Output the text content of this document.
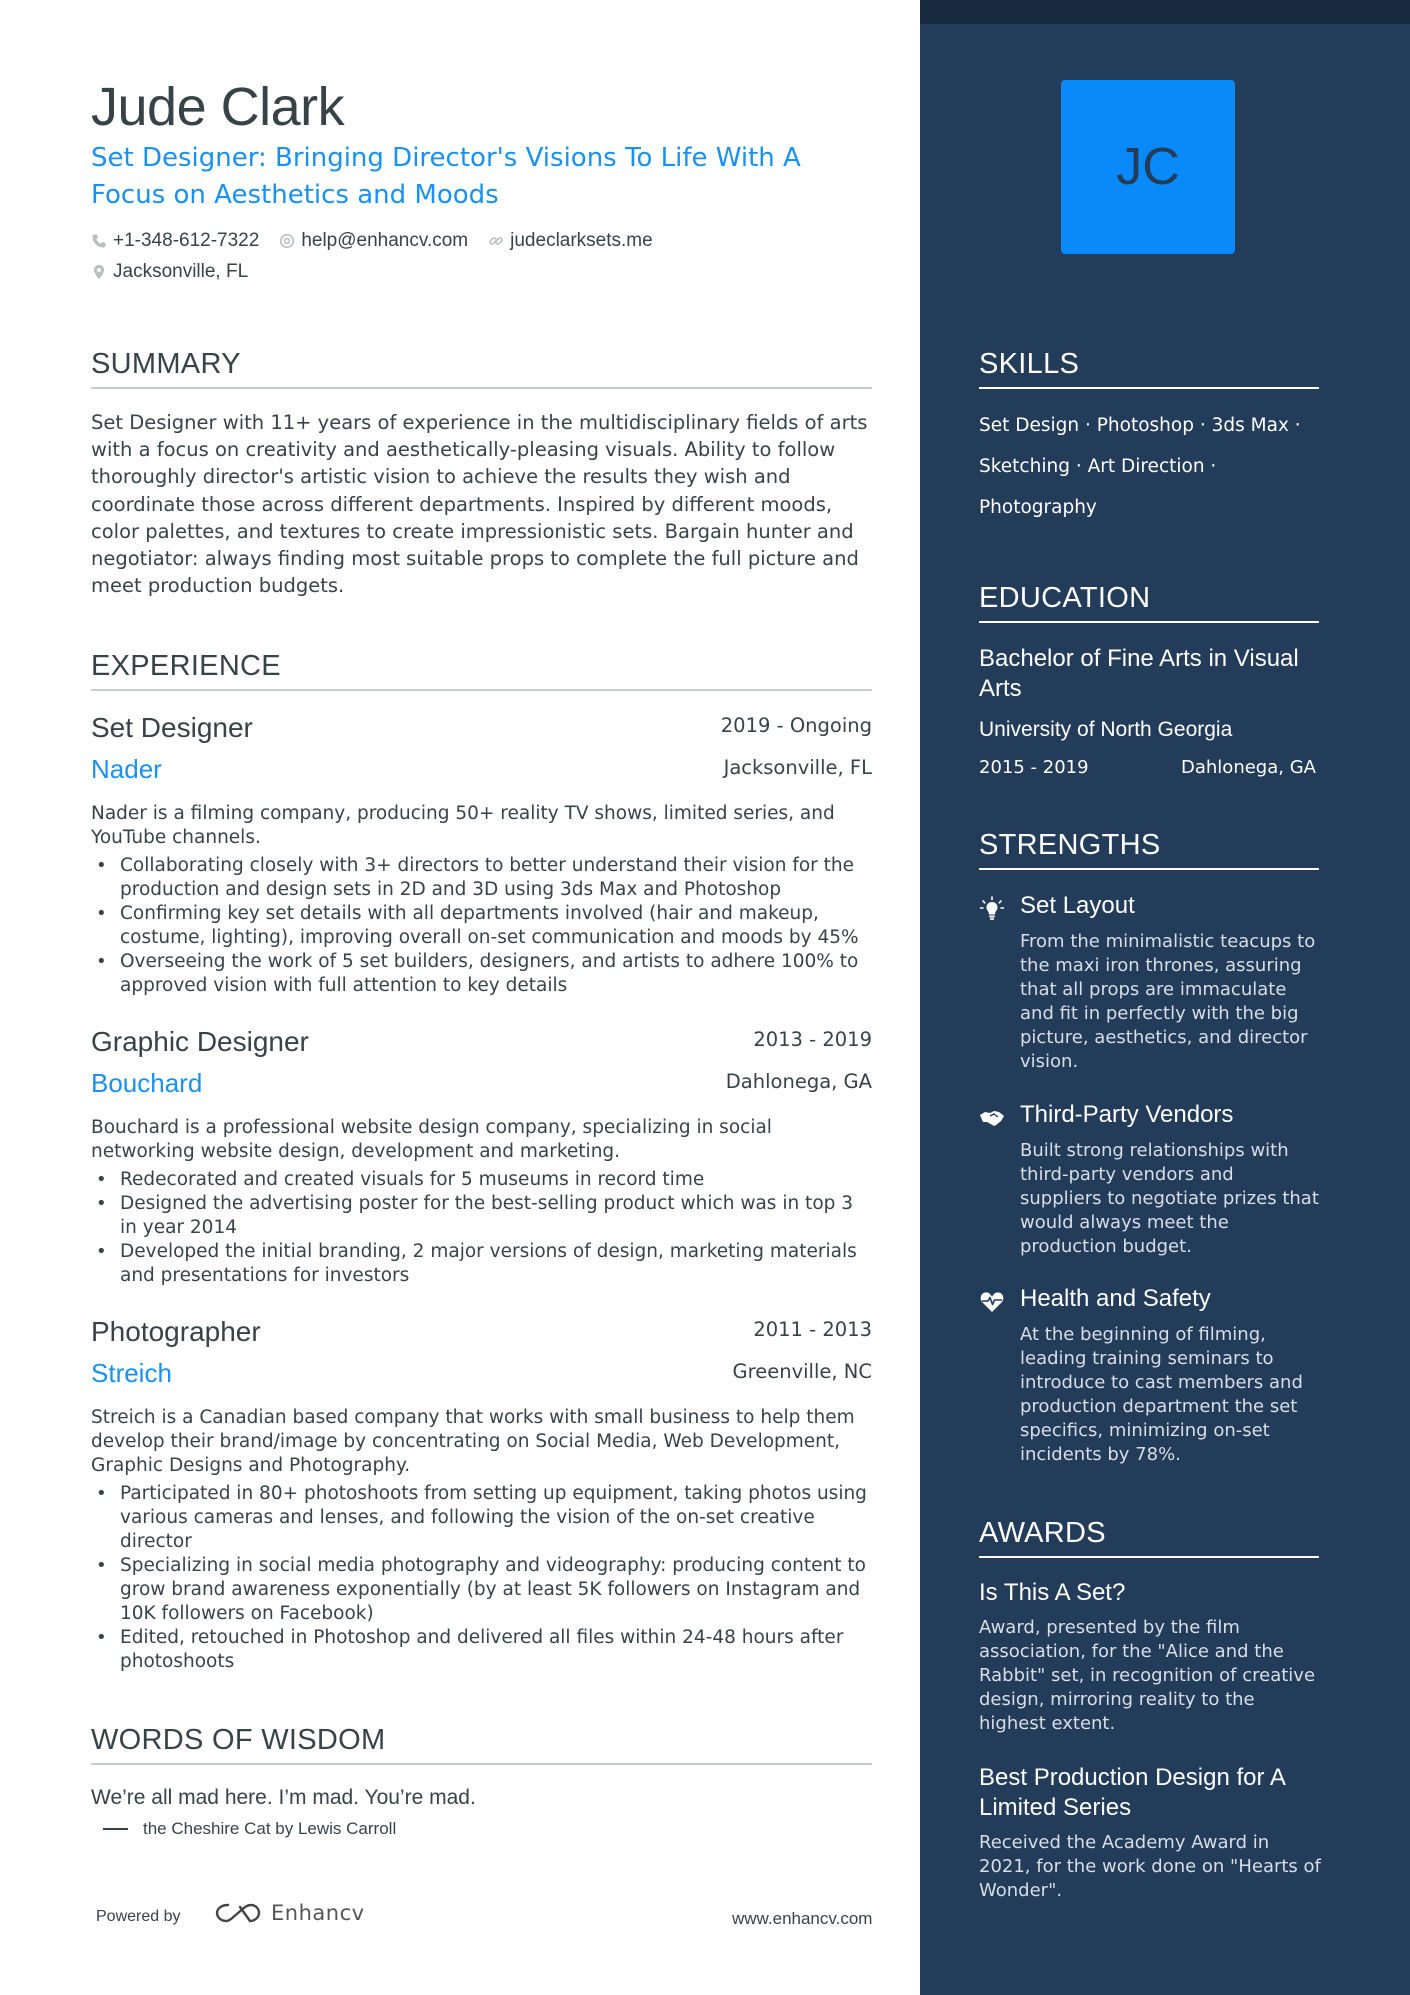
Jude Clark
Set Designer: Bringing Director's Visions To Life With A Focus on Aesthetics and Moods
+1-348-612-7322 help@enhancv.com judeclarksets.me
Jacksonville, FL
SUMMARY
Set Designer with 11+ years of experience in the multidisciplinary fields of arts with a focus on creativity and aesthetically-pleasing visuals. Ability to follow thoroughly director's artistic vision to achieve the results they wish and coordinate those across different departments. Inspired by different moods, color palettes, and textures to create impressionistic sets. Bargain hunter and negotiator: always finding most suitable props to complete the full picture and meet production budgets.
EXPERIENCE
Set Designer	2019 - Ongoing
Nader	Jacksonville, FL
Nader is a filming company, producing 50+ reality TV shows, limited series, and YouTube channels.
• Collaborating closely with 3+ directors to better understand their vision for the production and design sets in 2D and 3D using 3ds Max and Photoshop
• Confirming key set details with all departments involved (hair and makeup, costume, lighting), improving overall on-set communication and moods by 45%
• Overseeing the work of 5 set builders, designers, and artists to adhere 100% to approved vision with full attention to key details
Graphic Designer	2013 - 2019
Bouchard	Dahlonega, GA
Bouchard is a professional website design company, specializing in social networking website design, development and marketing.
• Redecorated and created visuals for 5 museums in record time
• Designed the advertising poster for the best-selling product which was in top 3 in year 2014
• Developed the initial branding, 2 major versions of design, marketing materials and presentations for investors
Photographer	2011 - 2013
Streich	Greenville, NC
Streich is a Canadian based company that works with small business to help them develop their brand/image by concentrating on Social Media, Web Development, Graphic Designs and Photography.
• Participated in 80+ photoshoots from setting up equipment, taking photos using various cameras and lenses, and following the vision of the on-set creative director
• Specializing in social media photography and videography: producing content to grow brand awareness exponentially (by at least 5K followers on Instagram and 10K followers on Facebook)
• Edited, retouched in Photoshop and delivered all files within 24-48 hours after photoshoots
WORDS OF WISDOM
We’re all mad here. I’m mad. You’re mad.
the Cheshire Cat by Lewis Carroll
Powered by	Enhancv	www.enhancv.com
JC
SKILLS
Set Design · Photoshop · 3ds Max ·
Sketching · Art Direction ·
Photography
EDUCATION
Bachelor of Fine Arts in Visual Arts
University of North Georgia
2015 - 2019	Dahlonega, GA
STRENGTHS
Set Layout
From the minimalistic teacups to the maxi iron thrones, assuring that all props are immaculate and fit in perfectly with the big picture, aesthetics, and director vision.
Third-Party Vendors
Built strong relationships with third-party vendors and suppliers to negotiate prizes that would always meet the production budget.
Health and Safety
At the beginning of filming, leading training seminars to introduce to cast members and production department the set specifics, minimizing on-set incidents by 78%.
AWARDS
Is This A Set?
Award, presented by the film association, for the "Alice and the Rabbit" set, in recognition of creative design, mirroring reality to the highest extent.
Best Production Design for A Limited Series
Received the Academy Award in 2021, for the work done on "Hearts of Wonder".
